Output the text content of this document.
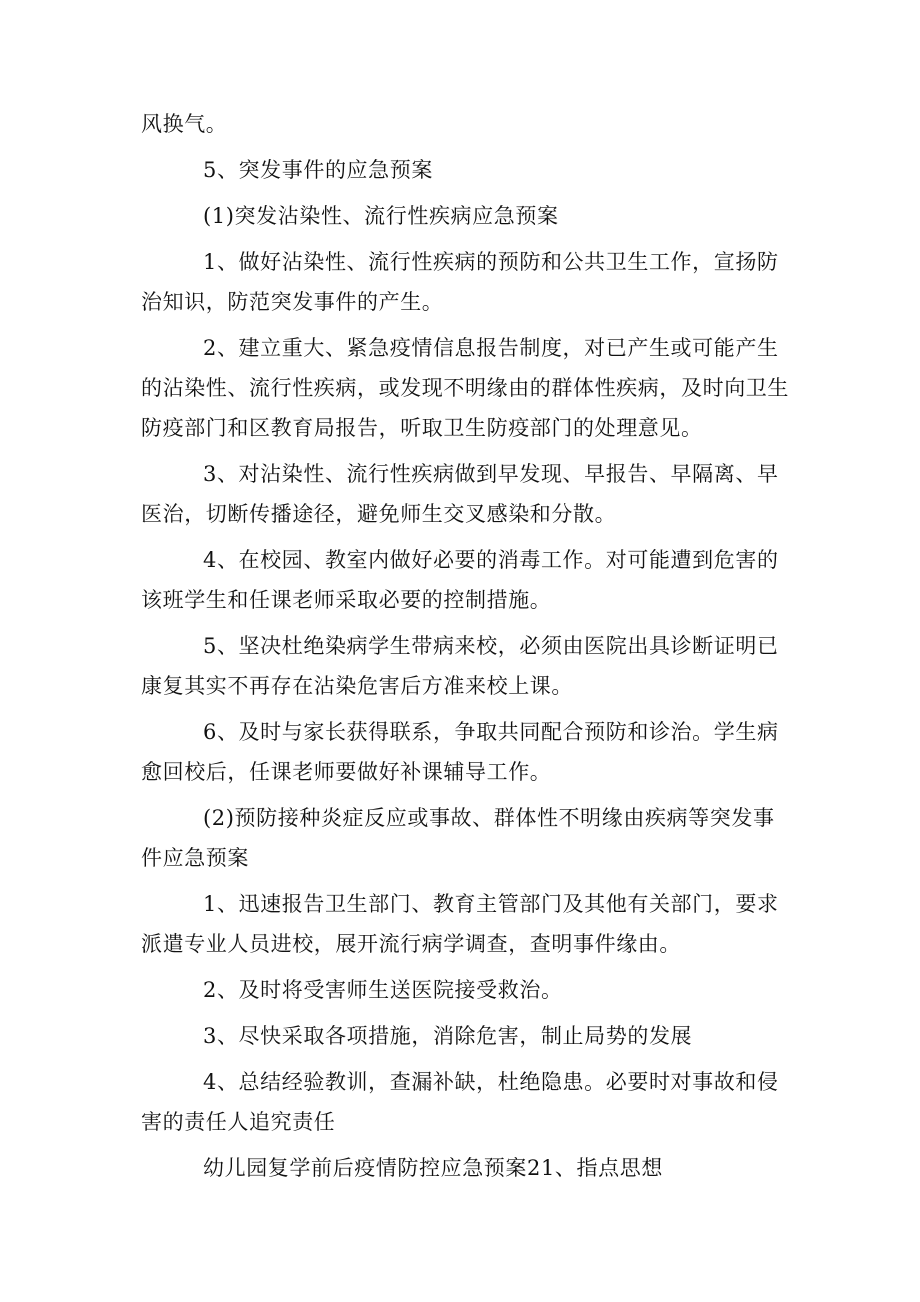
风换气。

5、突发事件的应急预案

(1)突发沾染性、流行性疾病应急预案

1、做好沾染性、流行性疾病的预防和公共卫生工作，宣扬防治知识，防范突发事件的产生。

2、建立重大、紧急疫情信息报告制度，对已产生或可能产生的沾染性、流行性疾病，或发现不明缘由的群体性疾病，及时向卫生防疫部门和区教育局报告，听取卫生防疫部门的处理意见。

3、对沾染性、流行性疾病做到早发现、早报告、早隔离、早医治，切断传播途径，避免师生交叉感染和分散。

4、在校园、教室内做好必要的消毒工作。对可能遭到危害的该班学生和任课老师采取必要的控制措施。

5、坚决杜绝染病学生带病来校，必须由医院出具诊断证明已康复其实不再存在沾染危害后方准来校上课。

6、及时与家长获得联系，争取共同配合预防和诊治。学生病愈回校后，任课老师要做好补课辅导工作。

(2)预防接种炎症反应或事故、群体性不明缘由疾病等突发事件应急预案

1、迅速报告卫生部门、教育主管部门及其他有关部门，要求派遣专业人员进校，展开流行病学调查，查明事件缘由。

2、及时将受害师生送医院接受救治。

3、尽快采取各项措施，消除危害，制止局势的发展

4、总结经验教训，查漏补缺，杜绝隐患。必要时对事故和侵害的责任人追究责任

幼儿园复学前后疫情防控应急预案21、指点思想
